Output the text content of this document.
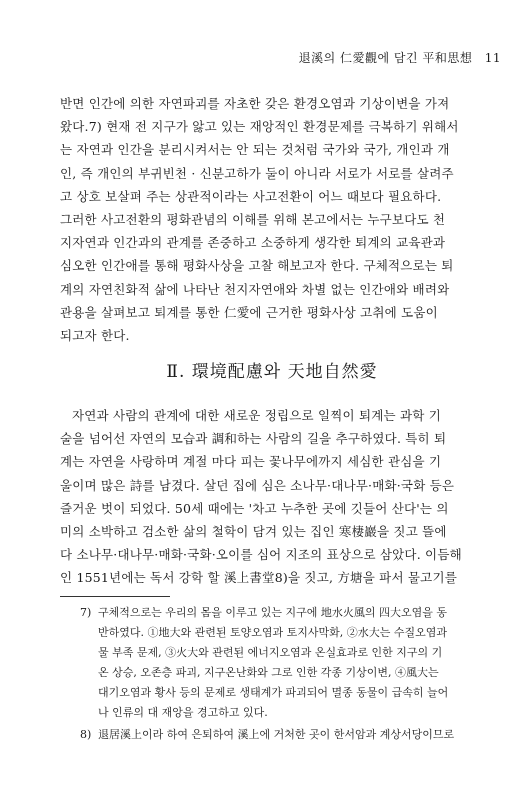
退溪의 仁愛觀에 담긴 平和思想 11
반면 인간에 의한 자연파괴를 자초한 갖은 환경오염과 기상이변을 가져
왔다.7) 현재 전 지구가 앓고 있는 재앙적인 환경문제를 극복하기 위해서
는 자연과 인간을 분리시켜서는 안 되는 것처럼 국가와 국가, 개인과 개
인, 즉 개인의 부귀빈천 · 신분고하가 둘이 아니라 서로가 서로를 살려주
고 상호 보살펴 주는 상관적이라는 사고전환이 어느 때보다 필요하다.
그러한 사고전환의 평화관념의 이해를 위해 본고에서는 누구보다도 천
지자연과 인간과의 관계를 존중하고 소중하게 생각한 퇴계의 교육관과
심오한 인간애를 통해 평화사상을 고찰 해보고자 한다. 구체적으로는 퇴
계의 자연친화적 삶에 나타난 천지자연애와 차별 없는 인간애와 배려와
관용을 살펴보고 퇴계를 통한 仁愛에 근거한 평화사상 고취에 도움이
되고자 한다.
Ⅱ. 環境配慮와 天地自然愛
자연과 사람의 관계에 대한 새로운 정립으로 일찍이 퇴계는 과학 기
술을 넘어선 자연의 모습과 調和하는 사람의 길을 추구하였다. 특히 퇴
계는 자연을 사랑하며 계절 마다 피는 꽃나무에까지 세심한 관심을 기
울이며 많은 詩를 남겼다. 살던 집에 심은 소나무·대나무·매화·국화 등은
즐거운 벗이 되었다. 50세 때에는 '차고 누추한 곳에 깃들어 산다'는 의
미의 소박하고 검소한 삶의 철학이 담겨 있는 집인 寒棲巖을 짓고 뜰에
다 소나무·대나무·매화·국화·오이를 심어 지조의 표상으로 삼았다. 이듬해
인 1551년에는 독서 강학 할 溪上書堂8)을 짓고, 方塘을 파서 물고기를
7) 구체적으로는 우리의 몸을 이루고 있는 지구에 地水火風의 四大오염을 동
반하였다. ①地大와 관련된 토양오염과 토지사막화, ②水大는 수질오염과
물 부족 문제, ③火大와 관련된 에너지오염과 온실효과로 인한 지구의 기
온 상승, 오존층 파괴, 지구온난화와 그로 인한 각종 기상이변, ④風大는
대기오염과 황사 등의 문제로 생태계가 파괴되어 멸종 동물이 급속히 늘어
나 인류의 대 재앙을 경고하고 있다.
8) 退居溪上이라 하여 은퇴하여 溪上에 거처한 곳이 한서암과 계상서당이므로
